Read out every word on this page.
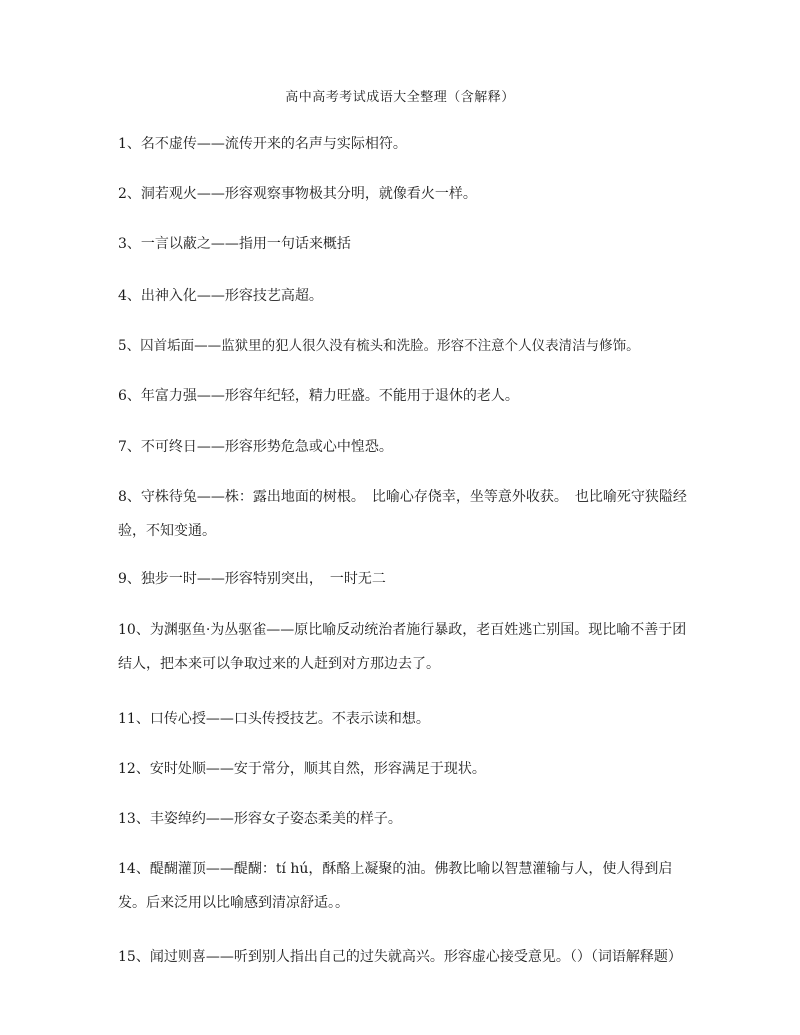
高中高考考试成语大全整理（含解释）
1、名不虚传——流传开来的名声与实际相符。
2、洞若观火——形容观察事物极其分明，就像看火一样。
3、一言以蔽之——指用一句话来概括
4、出神入化——形容技艺高超。
5、囚首垢面——监狱里的犯人很久没有梳头和洗脸。形容不注意个人仪表清洁与修饰。
6、年富力强——形容年纪轻，精力旺盛。不能用于退休的老人。
7、不可终日——形容形势危急或心中惶恐。
8、守株待兔——株：露出地面的树根。　比喻心存侥幸，坐等意外收获。　也比喻死守狭隘经验，不知变通。
9、独步一时——形容特别突出，　一时无二
10、为渊驱鱼·为丛驱雀——原比喻反动统治者施行暴政，老百姓逃亡别国。现比喻不善于团结人，把本来可以争取过来的人赶到对方那边去了。
11、口传心授——口头传授技艺。不表示读和想。
12、安时处顺——安于常分，顺其自然，形容满足于现状。
13、丰姿绰约——形容女子姿态柔美的样子。
14、醍醐灌顶——醍醐：tí hú，酥酪上凝聚的油。佛教比喻以智慧灌输与人，使人得到启发。后来泛用以比喻感到清凉舒适。。
15、闻过则喜——听到别人指出自己的过失就高兴。形容虚心接受意见。（）（词语解释题）
